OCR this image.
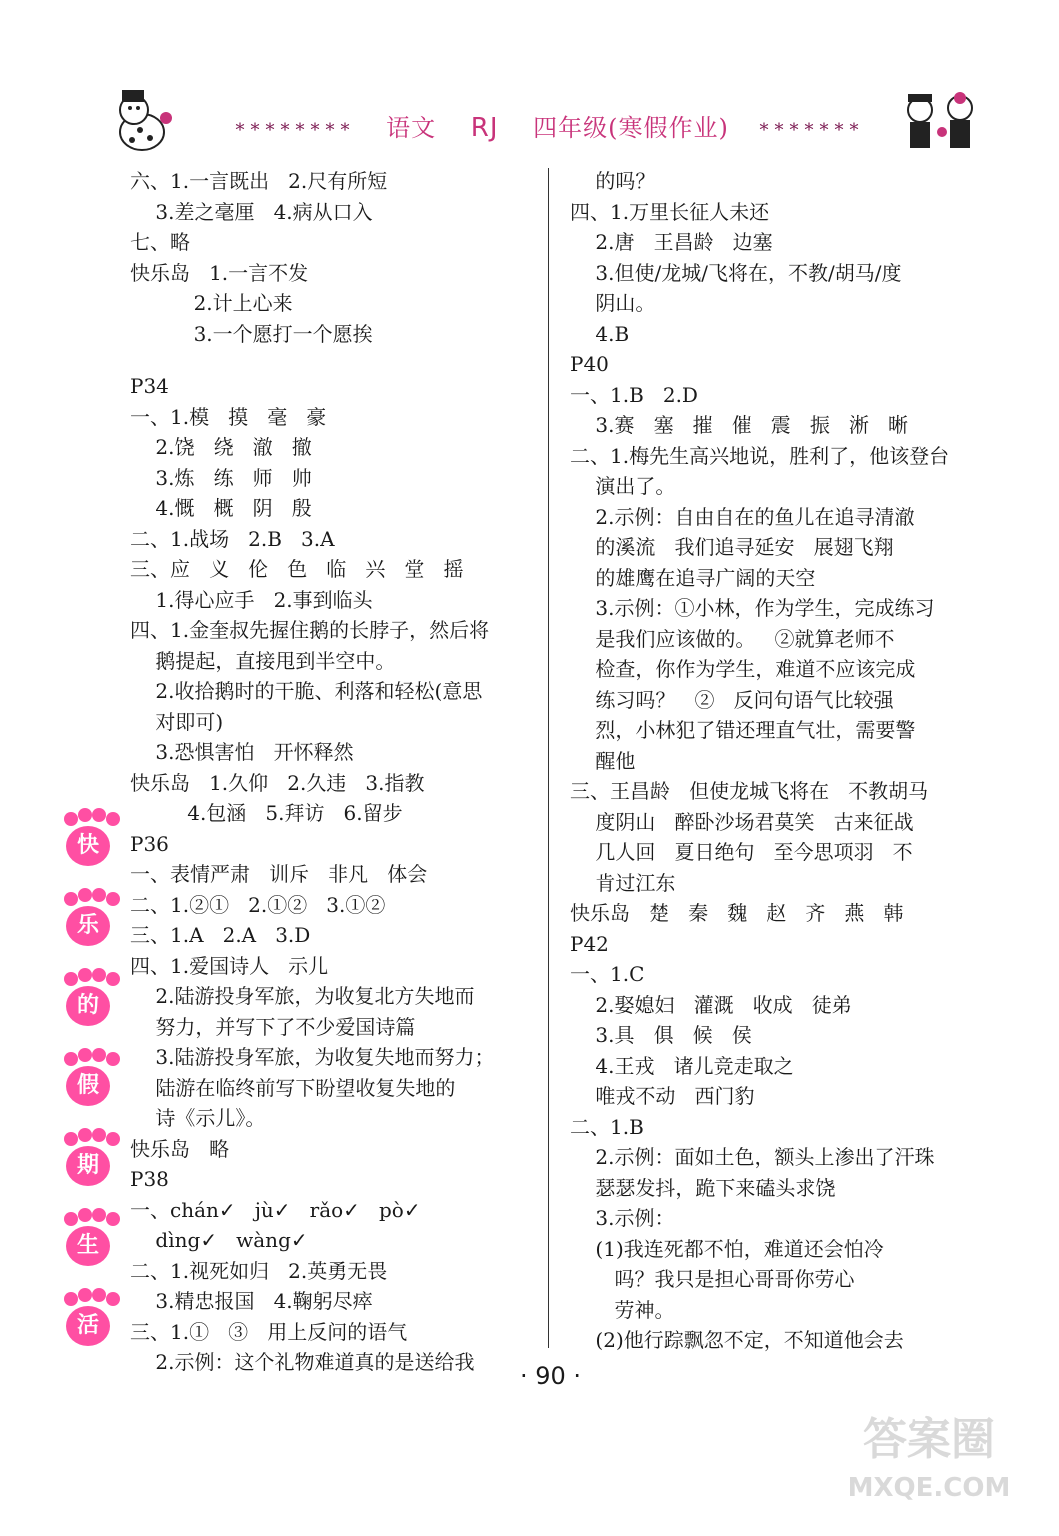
******** 语文 RJ 四年级(寒假作业) *******
六、1.一言既出   2.尺有所短
3.差之毫厘   4.病从口入
七、略
快乐岛   1.一言不发
2.计上心来
3.一个愿打一个愿挨
P34
一、1.模   摸   毫   豪
2.饶   绕   澈   撤
3.炼   练   师   帅
4.慨   概   阴   殷
二、1.战场   2.B   3.A
三、应   义   伦   色   临   兴   堂   摇
1.得心应手   2.事到临头
四、1.金奎叔先握住鹅的长脖子，然后将
鹅提起，直接甩到半空中。
2.收拾鹅时的干脆、利落和轻松(意思
对即可)
3.恐惧害怕   开怀释然
快乐岛   1.久仰   2.久违   3.指教
4.包涵   5.拜访   6.留步
P36
一、表情严肃   训斥   非凡   体会
二、1.②①   2.①②   3.①②
三、1.A   2.A   3.D
四、1.爱国诗人   示儿
2.陆游投身军旅，为收复北方失地而
努力，并写下了不少爱国诗篇
3.陆游投身军旅，为收复失地而努力；
陆游在临终前写下盼望收复失地的
诗《示儿》。
快乐岛   略
P38
一、chán✓   jù✓   rǎo✓   pò✓
dìng✓   wàng✓
二、1.视死如归   2.英勇无畏
3.精忠报国   4.鞠躬尽瘁
三、1.①   ③   用上反问的语气
2.示例：这个礼物难道真的是送给我
的吗？
四、1.万里长征人未还
2.唐   王昌龄   边塞
3.但使/龙城/飞将在，不教/胡马/度
阴山。
4.B
P40
一、1.B   2.D
3.赛   塞   摧   催   震   振   淅   晰
二、1.梅先生高兴地说，胜利了，他该登台
演出了。
2.示例：自由自在的鱼儿在追寻清澈
的溪流   我们追寻延安   展翅飞翔
的雄鹰在追寻广阔的天空
3.示例：①小林，作为学生，完成练习
是我们应该做的。   ②就算老师不
检查，你作为学生，难道不应该完成
练习吗？   ②   反问句语气比较强
烈，小林犯了错还理直气壮，需要警
醒他
三、王昌龄   但使龙城飞将在   不教胡马
度阴山   醉卧沙场君莫笑   古来征战
几人回   夏日绝句   至今思项羽   不
肯过江东
快乐岛   楚   秦   魏   赵   齐   燕   韩
P42
一、1.C
2.娶媳妇   灌溉   收成   徒弟
3.具   俱   候   侯
4.王戎   诸儿竞走取之
唯戎不动   西门豹
二、1.B
2.示例：面如土色，额头上渗出了汗珠
瑟瑟发抖，跪下来磕头求饶
3.示例：
(1)我连死都不怕，难道还会怕冷
吗？我只是担心哥哥你劳心
劳神。
(2)他行踪飘忽不定，不知道他会去
快
乐
的
假
期
生
活
· 90 ·
答案圈
MXQE.COM
